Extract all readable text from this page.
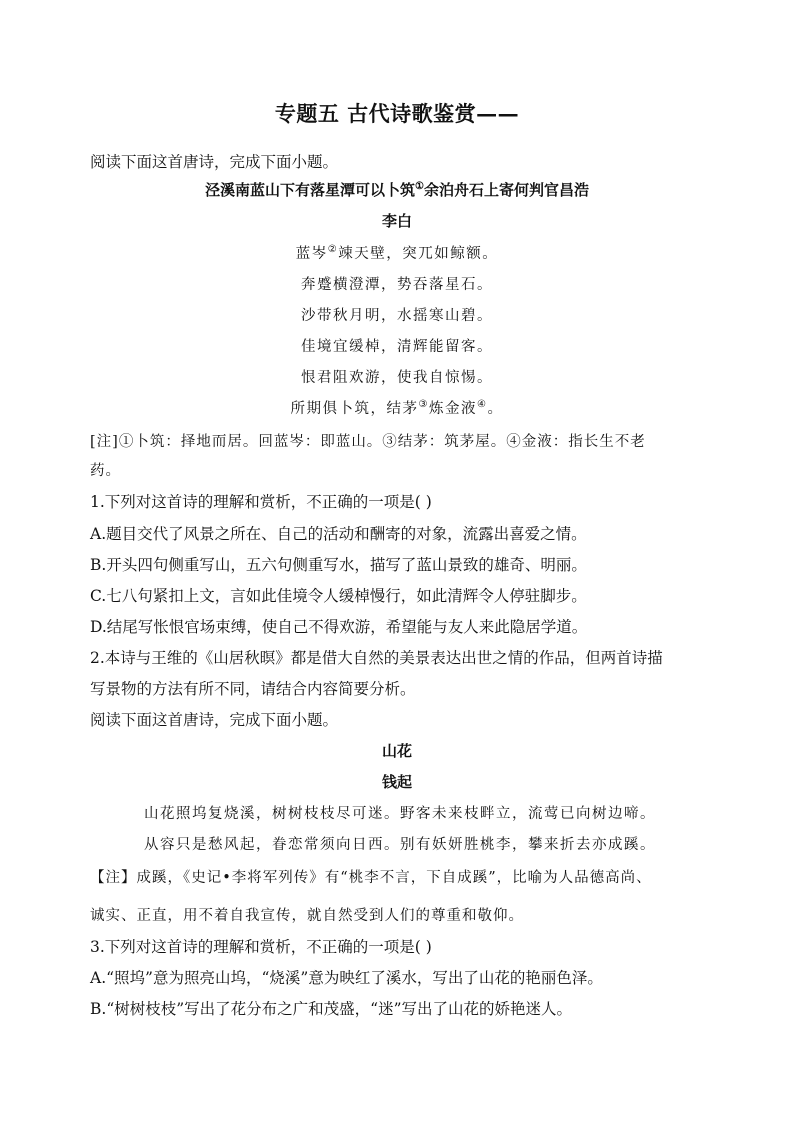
专题五 古代诗歌鉴赏——
阅读下面这首唐诗，完成下面小题。
泾溪南蓝山下有落星潭可以卜筑①余泊舟石上寄何判官昌浩
李白
蓝岑②竦天壁，突兀如鲸额。
奔蹙横澄潭，势吞落星石。
沙带秋月明，水摇寒山碧。
佳境宜缓棹，清辉能留客。
恨君阻欢游，使我自惊惕。
所期俱卜筑，结茅③炼金液④。
[注]①卜筑：择地而居。回蓝岑：即蓝山。③结茅：筑茅屋。④金液：指长生不老
药。
1.下列对这首诗的理解和赏析，不正确的一项是( )
A.题目交代了风景之所在、自己的活动和酬寄的对象，流露出喜爱之情。
B.开头四句侧重写山，五六句侧重写水，描写了蓝山景致的雄奇、明丽。
C.七八句紧扣上文，言如此佳境令人缓棹慢行，如此清辉令人停驻脚步。
D.结尾写怅恨官场束缚，使自己不得欢游，希望能与友人来此隐居学道。
2.本诗与王维的《山居秋暝》都是借大自然的美景表达出世之情的作品，但两首诗描
写景物的方法有所不同，请结合内容简要分析。
阅读下面这首唐诗，完成下面小题。
山花
钱起
山花照坞复烧溪，树树枝枝尽可迷。野客未来枝畔立，流莺已向树边啼。
从容只是愁风起，眷恋常须向日西。别有妖妍胜桃李，攀来折去亦成蹊。
【注】成蹊，《史记•李将军列传》有“桃李不言，下自成蹊”，比喻为人品德高尚、
诚实、正直，用不着自我宣传，就自然受到人们的尊重和敬仰。
3.下列对这首诗的理解和赏析，不正确的一项是( )
A.“照坞”意为照亮山坞，“烧溪”意为映红了溪水，写出了山花的艳丽色泽。
B.“树树枝枝”写出了花分布之广和茂盛，“迷”写出了山花的娇艳迷人。
